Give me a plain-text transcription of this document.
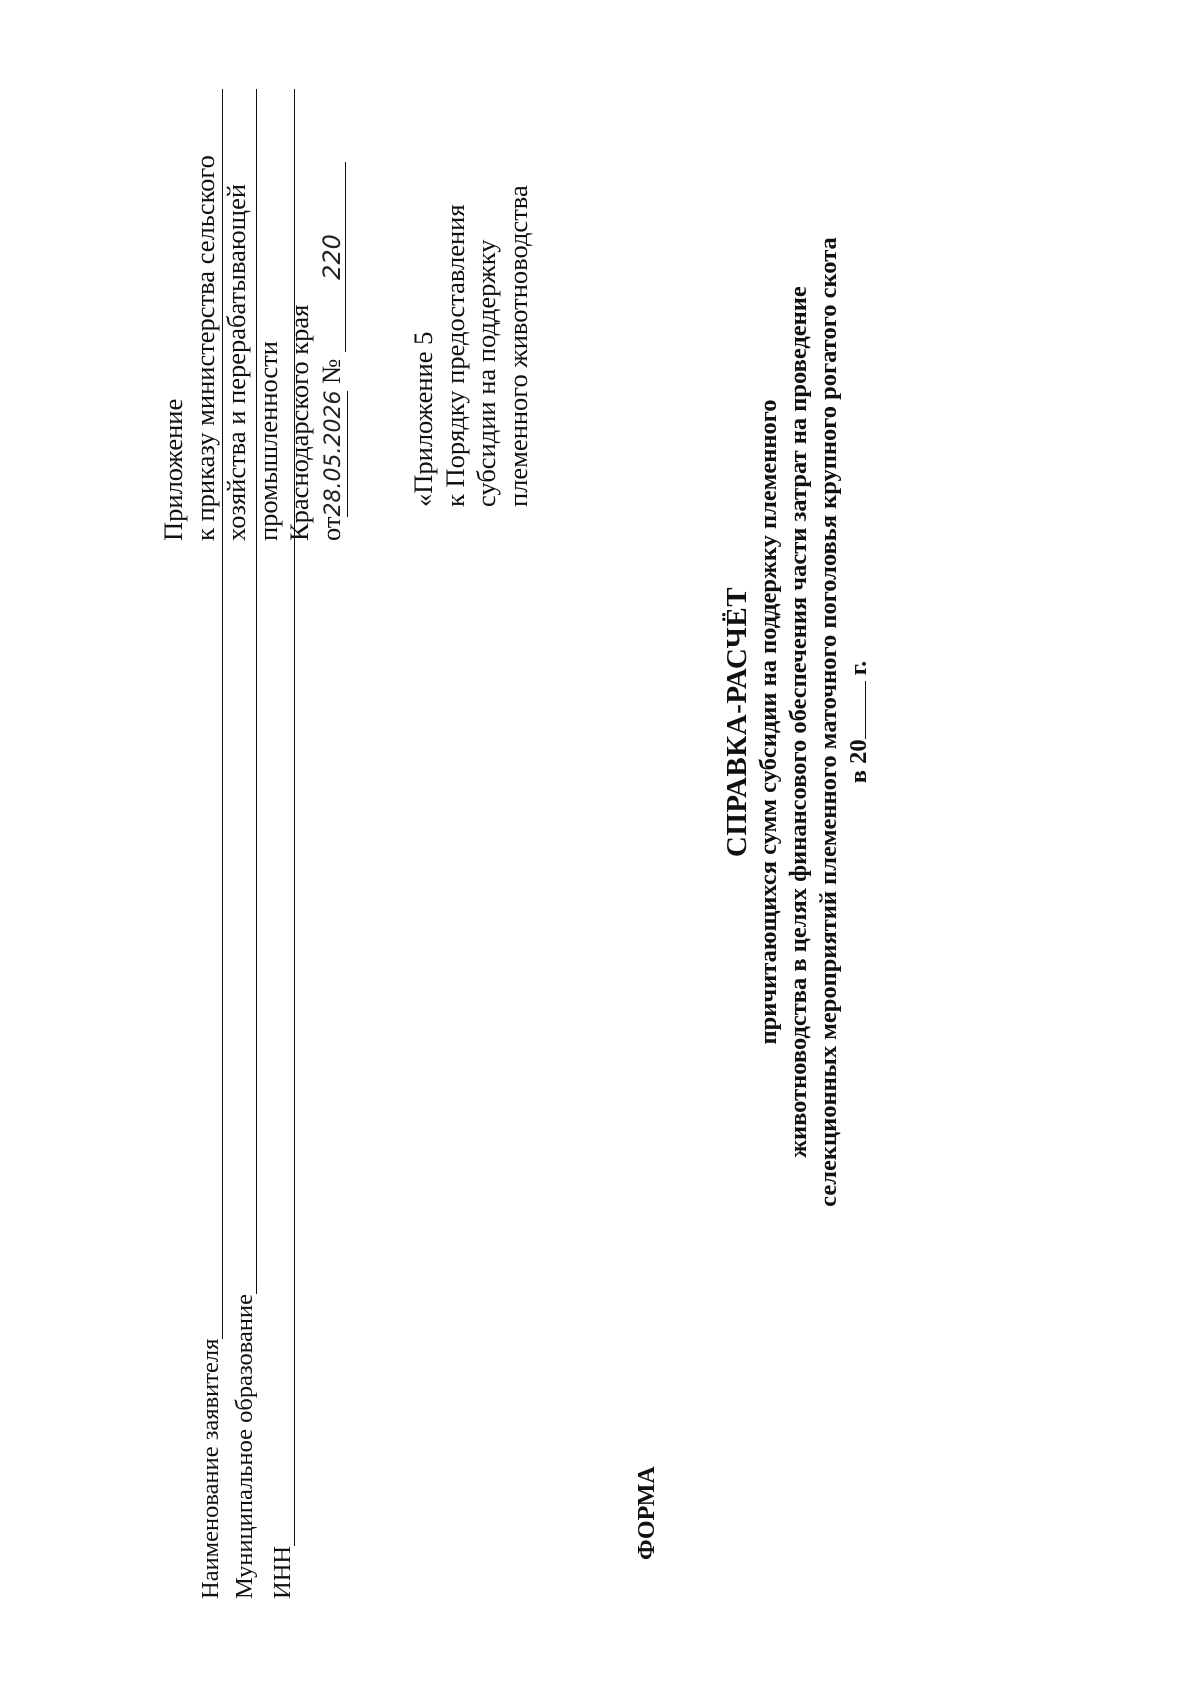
Приложение к приказу министерства сельского хозяйства и перерабатывающей промышленности Краснодарского края от28.05.2026 № 220
«Приложение 5 к Порядку предоставления субсидии на поддержку племенного животноводства
ФОРМА
СПРАВКА-РАСЧЁТ причитающихся сумм субсидии на поддержку племенного животноводства в целях финансового обеспечения части затрат на проведение селекционных мероприятий племенного маточного поголовья крупного рогатого скота в 20 г.
Наименование заявителя Муниципальное образование ИНН
